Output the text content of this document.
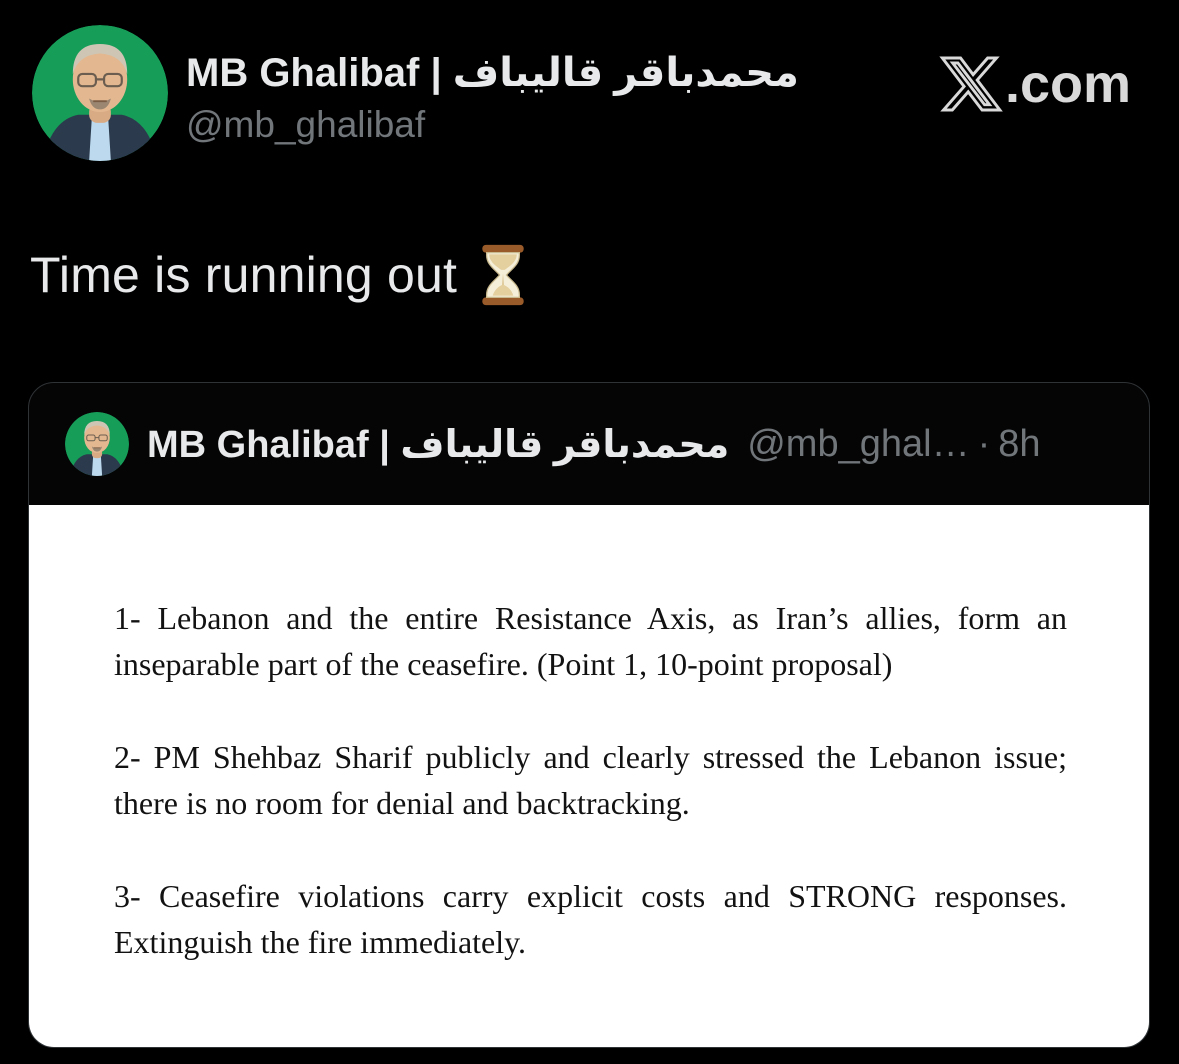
MB Ghalibaf | محمدباقر قالیباف
@mb_ghalibaf
.com
Time is running out
MB Ghalibaf | محمدباقر قالیباف @mb_ghal… · 8h

1- Lebanon and the entire Resistance Axis, as Iran’s allies, form an inseparable part of the ceasefire. (Point 1, 10-point proposal)

2- PM Shehbaz Sharif publicly and clearly stressed the Lebanon issue; there is no room for denial and backtracking.

3- Ceasefire violations carry explicit costs and STRONG responses. Extinguish the fire immediately.
